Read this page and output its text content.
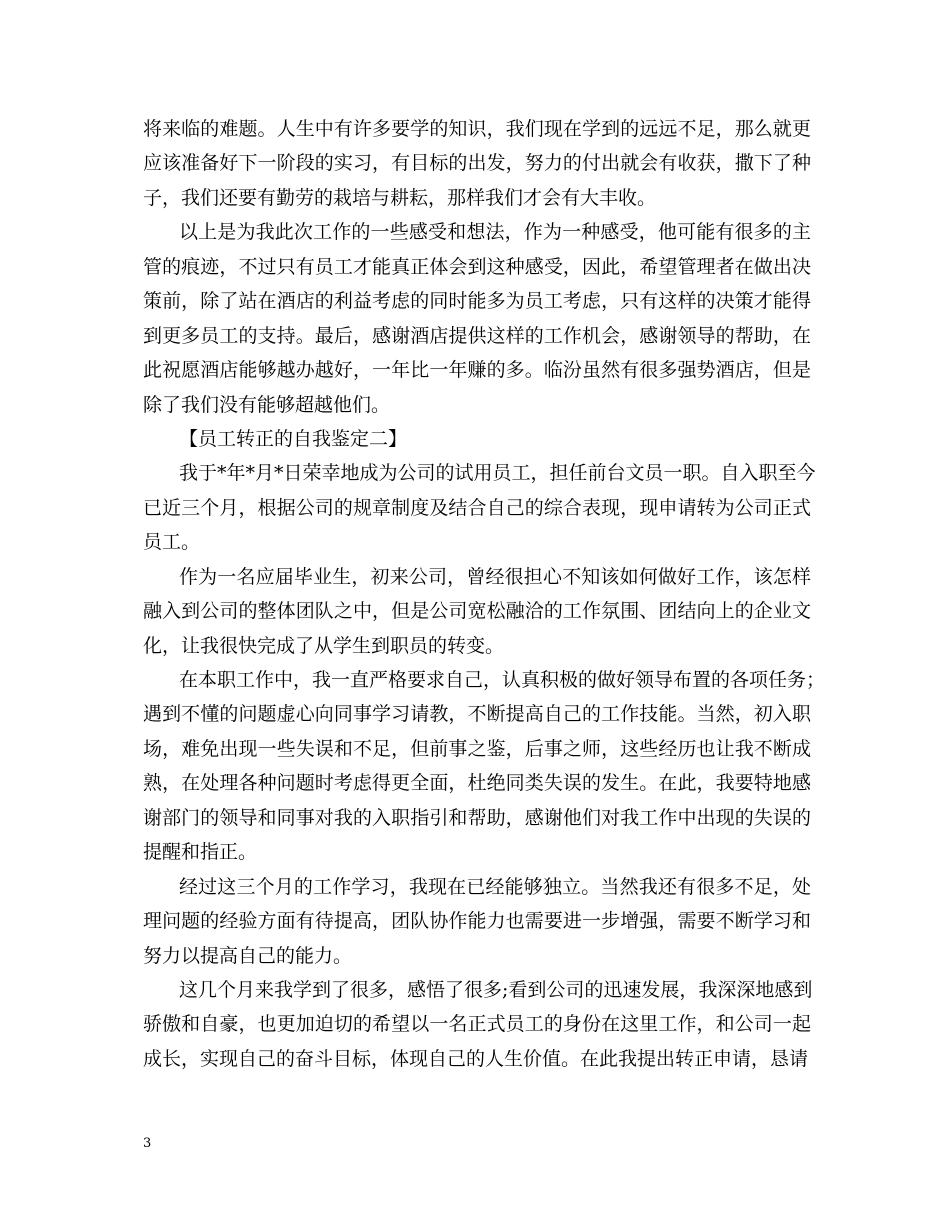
将来临的难题。人生中有许多要学的知识，我们现在学到的远远不足，那么就更
应该准备好下一阶段的实习，有目标的出发，努力的付出就会有收获，撒下了种
子，我们还要有勤劳的栽培与耕耘，那样我们才会有大丰收。
以上是为我此次工作的一些感受和想法，作为一种感受，他可能有很多的主
管的痕迹，不过只有员工才能真正体会到这种感受，因此，希望管理者在做出决
策前，除了站在酒店的利益考虑的同时能多为员工考虑，只有这样的决策才能得
到更多员工的支持。最后，感谢酒店提供这样的工作机会，感谢领导的帮助，在
此祝愿酒店能够越办越好，一年比一年赚的多。临汾虽然有很多强势酒店，但是
除了我们没有能够超越他们。
【员工转正的自我鉴定二】
我于*年*月*日荣幸地成为公司的试用员工，担任前台文员一职。自入职至今
已近三个月，根据公司的规章制度及结合自己的综合表现，现申请转为公司正式
员工。
作为一名应届毕业生，初来公司，曾经很担心不知该如何做好工作，该怎样
融入到公司的整体团队之中，但是公司宽松融洽的工作氛围、团结向上的企业文
化，让我很快完成了从学生到职员的转变。
在本职工作中，我一直严格要求自己，认真积极的做好领导布置的各项任务；
遇到不懂的问题虚心向同事学习请教，不断提高自己的工作技能。当然，初入职
场，难免出现一些失误和不足，但前事之鉴，后事之师，这些经历也让我不断成
熟，在处理各种问题时考虑得更全面，杜绝同类失误的发生。在此，我要特地感
谢部门的领导和同事对我的入职指引和帮助，感谢他们对我工作中出现的失误的
提醒和指正。
经过这三个月的工作学习，我现在已经能够独立。当然我还有很多不足，处
理问题的经验方面有待提高，团队协作能力也需要进一步增强，需要不断学习和
努力以提高自己的能力。
这几个月来我学到了很多，感悟了很多;看到公司的迅速发展，我深深地感到
骄傲和自豪，也更加迫切的希望以一名正式员工的身份在这里工作，和公司一起
成长，实现自己的奋斗目标，体现自己的人生价值。在此我提出转正申请，恳请
3
